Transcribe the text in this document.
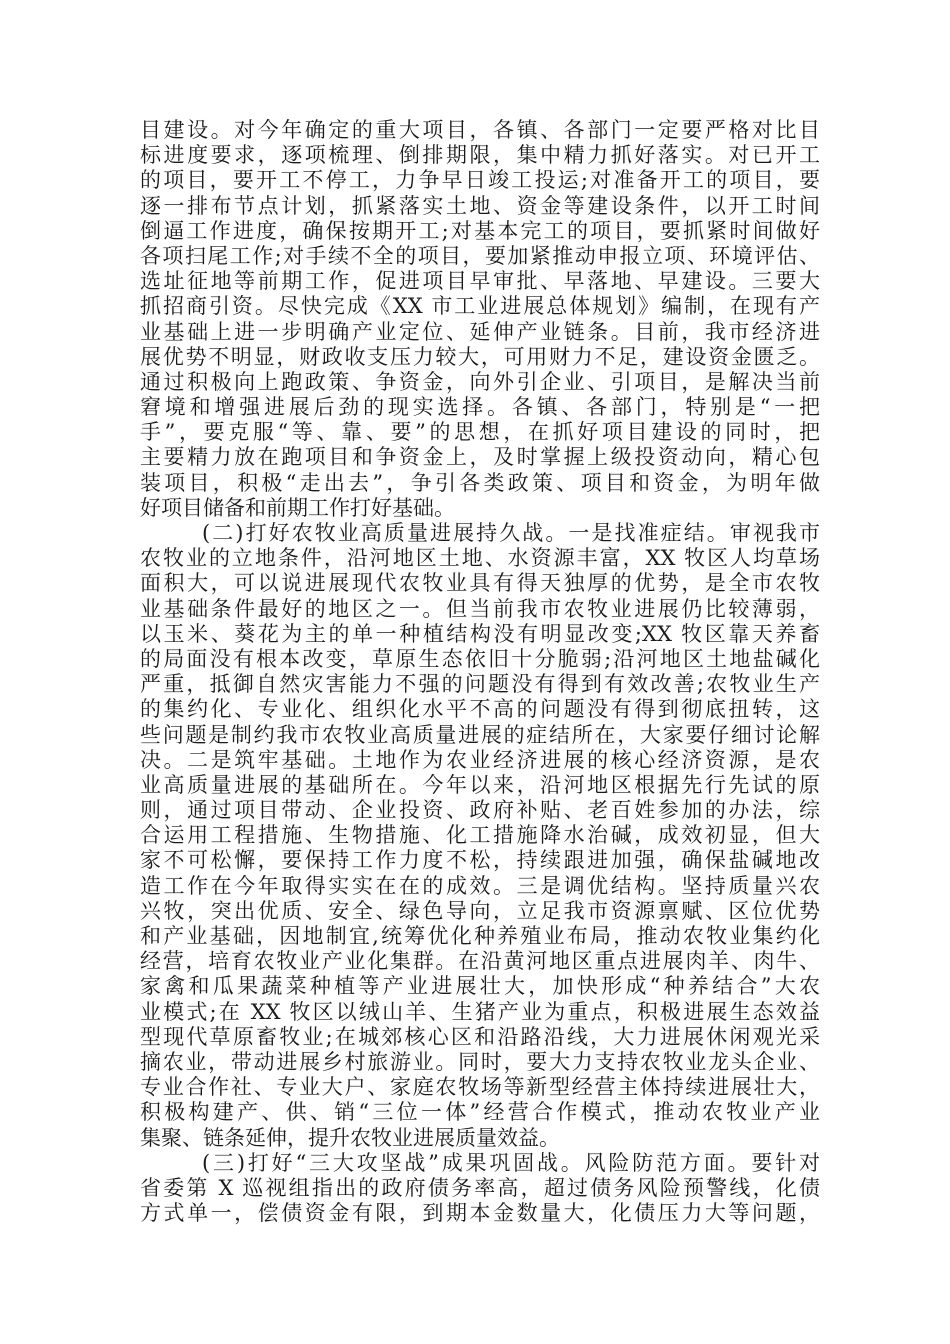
目建设。对今年确定的重大项目，各镇、各部门一定要严格对比目
标进度要求，逐项梳理、倒排期限，集中精力抓好落实。对已开工
的项目，要开工不停工，力争早日竣工投运;对准备开工的项目，要
逐一排布节点计划，抓紧落实土地、资金等建设条件，以开工时间
倒逼工作进度，确保按期开工;对基本完工的项目，要抓紧时间做好
各项扫尾工作;对手续不全的项目，要加紧推动申报立项、环境评估、
选址征地等前期工作，促进项目早审批、早落地、早建设。三要大
抓招商引资。尽快完成《XX 市工业进展总体规划》编制，在现有产
业基础上进一步明确产业定位、延伸产业链条。目前，我市经济进
展优势不明显，财政收支压力较大，可用财力不足，建设资金匮乏。
通过积极向上跑政策、争资金，向外引企业、引项目，是解决当前
窘境和增强进展后劲的现实选择。各镇、各部门，特别是“一把
手”，要克服“等、靠、要”的思想，在抓好项目建设的同时，把
主要精力放在跑项目和争资金上，及时掌握上级投资动向，精心包
装项目，积极“走出去”，争引各类政策、项目和资金，为明年做
好项目储备和前期工作打好基础。
(二)打好农牧业高质量进展持久战。一是找准症结。审视我市
农牧业的立地条件，沿河地区土地、水资源丰富，XX 牧区人均草场
面积大，可以说进展现代农牧业具有得天独厚的优势，是全市农牧
业基础条件最好的地区之一。但当前我市农牧业进展仍比较薄弱，
以玉米、葵花为主的单一种植结构没有明显改变;XX 牧区靠天养畜
的局面没有根本改变，草原生态依旧十分脆弱;沿河地区土地盐碱化
严重，抵御自然灾害能力不强的问题没有得到有效改善;农牧业生产
的集约化、专业化、组织化水平不高的问题没有得到彻底扭转，这
些问题是制约我市农牧业高质量进展的症结所在，大家要仔细讨论解
决。二是筑牢基础。土地作为农业经济进展的核心经济资源，是农
业高质量进展的基础所在。今年以来，沿河地区根据先行先试的原
则，通过项目带动、企业投资、政府补贴、老百姓参加的办法，综
合运用工程措施、生物措施、化工措施降水治碱，成效初显，但大
家不可松懈，要保持工作力度不松，持续跟进加强，确保盐碱地改
造工作在今年取得实实在在的成效。三是调优结构。坚持质量兴农
兴牧，突出优质、安全、绿色导向，立足我市资源禀赋、区位优势
和产业基础，因地制宜,统筹优化种养殖业布局，推动农牧业集约化
经营，培育农牧业产业化集群。在沿黄河地区重点进展肉羊、肉牛、
家禽和瓜果蔬菜种植等产业进展壮大，加快形成“种养结合”大农
业模式;在 XX 牧区以绒山羊、生猪产业为重点，积极进展生态效益
型现代草原畜牧业;在城郊核心区和沿路沿线，大力进展休闲观光采
摘农业，带动进展乡村旅游业。同时，要大力支持农牧业龙头企业、
专业合作社、专业大户、家庭农牧场等新型经营主体持续进展壮大，
积极构建产、供、销“三位一体”经营合作模式，推动农牧业产业
集聚、链条延伸，提升农牧业进展质量效益。
(三)打好“三大攻坚战”成果巩固战。风险防范方面。要针对
省委第 X 巡视组指出的政府债务率高，超过债务风险预警线，化债
方式单一，偿债资金有限，到期本金数量大，化债压力大等问题，
